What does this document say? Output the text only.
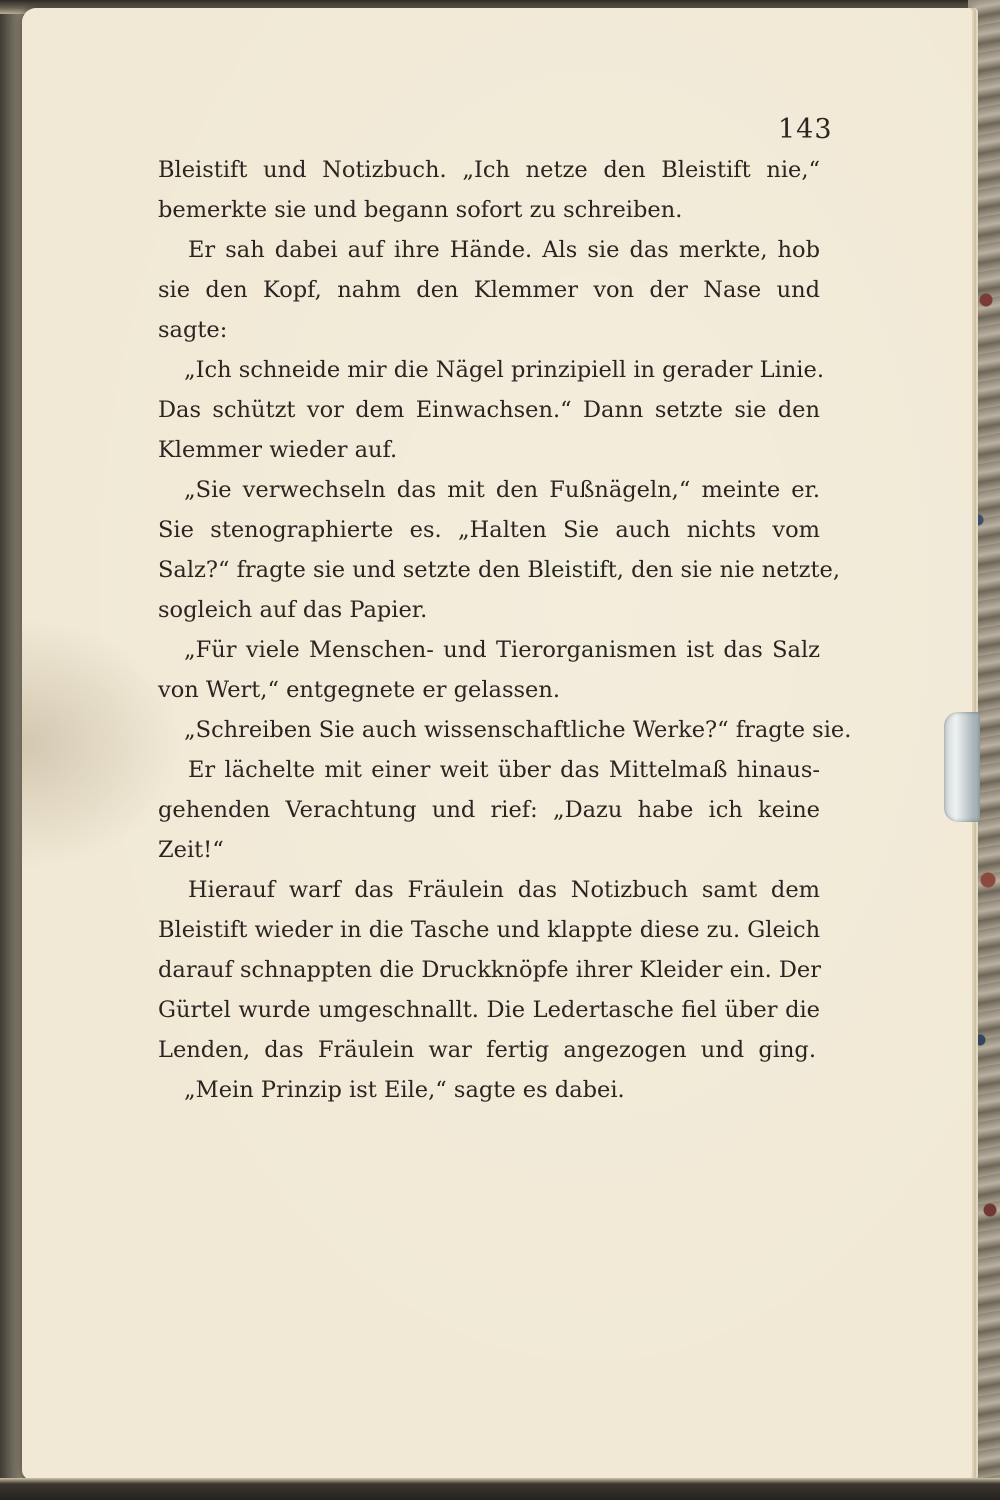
143
Bleistift und Notizbuch. „Ich netze den Bleistift nie,“
bemerkte sie und begann sofort zu schreiben.
Er sah dabei auf ihre Hände. Als sie das merkte, hob
sie den Kopf, nahm den Klemmer von der Nase und
sagte:
„Ich schneide mir die Nägel prinzipiell in gerader Linie.
Das schützt vor dem Einwachsen.“ Dann setzte sie den
Klemmer wieder auf.
„Sie verwechseln das mit den Fußnägeln,“ meinte er.
Sie stenographierte es. „Halten Sie auch nichts vom
Salz?“ fragte sie und setzte den Bleistift, den sie nie netzte,
sogleich auf das Papier.
„Für viele Menschen- und Tierorganismen ist das Salz
von Wert,“ entgegnete er gelassen.
„Schreiben Sie auch wissenschaftliche Werke?“ fragte sie.
Er lächelte mit einer weit über das Mittelmaß hinaus-
gehenden Verachtung und rief: „Dazu habe ich keine
Zeit!“
Hierauf warf das Fräulein das Notizbuch samt dem
Bleistift wieder in die Tasche und klappte diese zu. Gleich
darauf schnappten die Druckknöpfe ihrer Kleider ein. Der
Gürtel wurde umgeschnallt. Die Ledertasche fiel über die
Lenden, das Fräulein war fertig angezogen und ging.
„Mein Prinzip ist Eile,“ sagte es dabei.
